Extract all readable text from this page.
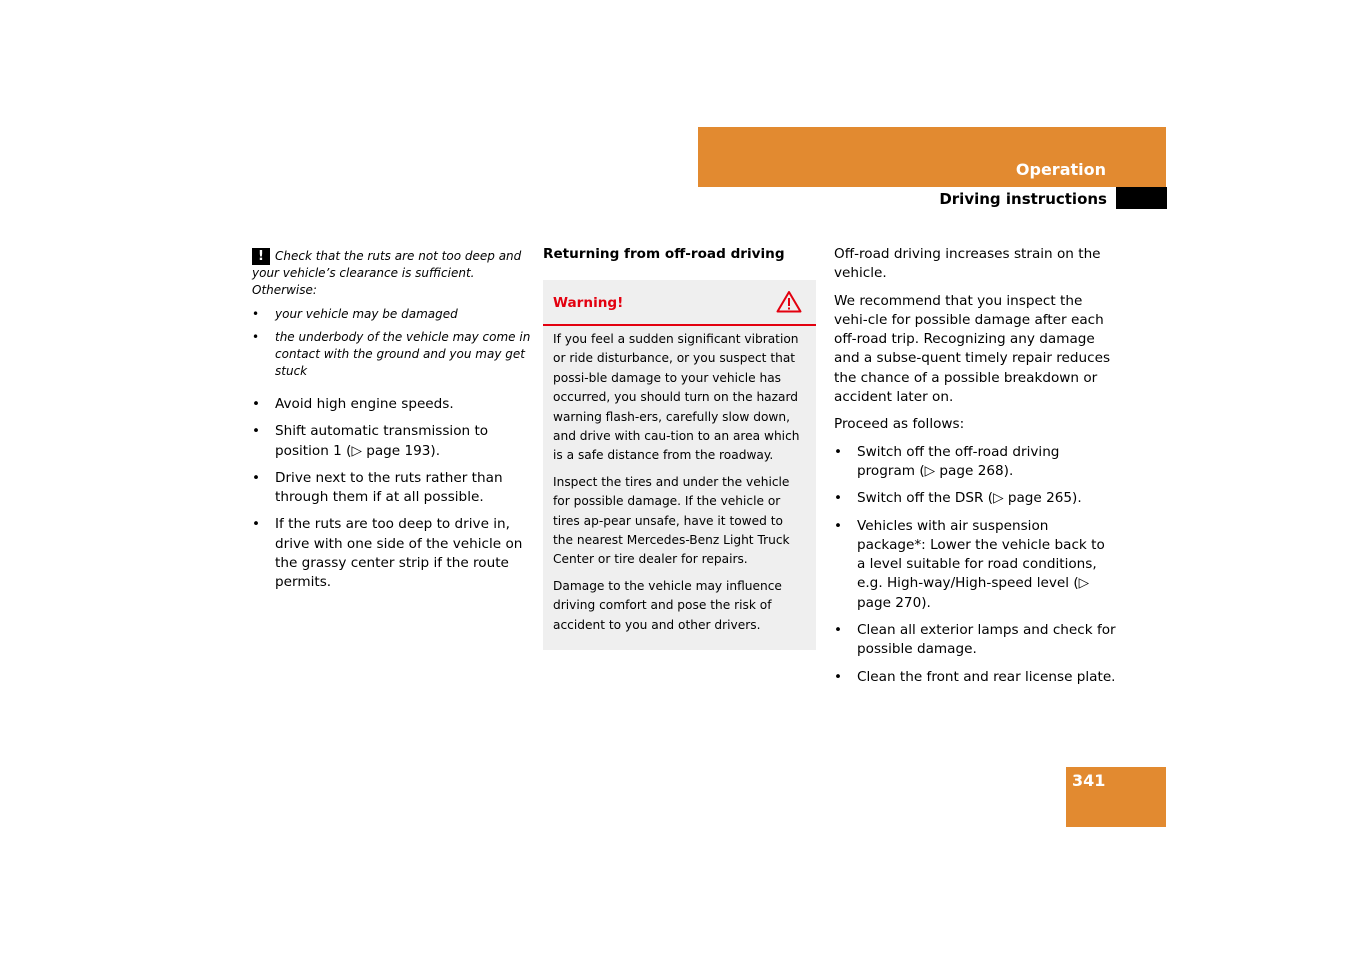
Operation
Driving instructions

! Check that the ruts are not too deep and your vehicle’s clearance is sufficient. Otherwise:

• your vehicle may be damaged
• the underbody of the vehicle may come in contact with the ground and you may get stuck
• Avoid high engine speeds.
• Shift automatic transmission to position 1 (▷ page 193).
• Drive next to the ruts rather than through them if at all possible.
• If the ruts are too deep to drive in, drive with one side of the vehicle on the grassy center strip if the route permits.

Returning from off-road driving

Warning!

If you feel a sudden significant vibration or ride disturbance, or you suspect that possi-ble damage to your vehicle has occurred, you should turn on the hazard warning flash-ers, carefully slow down, and drive with cau-tion to an area which is a safe distance from the roadway.

Inspect the tires and under the vehicle for possible damage. If the vehicle or tires ap-pear unsafe, have it towed to the nearest Mercedes-Benz Light Truck Center or tire dealer for repairs.

Damage to the vehicle may influence driving comfort and pose the risk of accident to you and other drivers.

Off-road driving increases strain on the vehicle.

We recommend that you inspect the vehi-cle for possible damage after each off-road trip. Recognizing any damage and a subse-quent timely repair reduces the chance of a possible breakdown or accident later on.

Proceed as follows:

• Switch off the off-road driving program (▷ page 268).
• Switch off the DSR (▷ page 265).
• Vehicles with air suspension package*: Lower the vehicle back to a level suitable for road conditions, e.g. High-way/High-speed level (▷ page 270).
• Clean all exterior lamps and check for possible damage.
• Clean the front and rear license plate.
341
